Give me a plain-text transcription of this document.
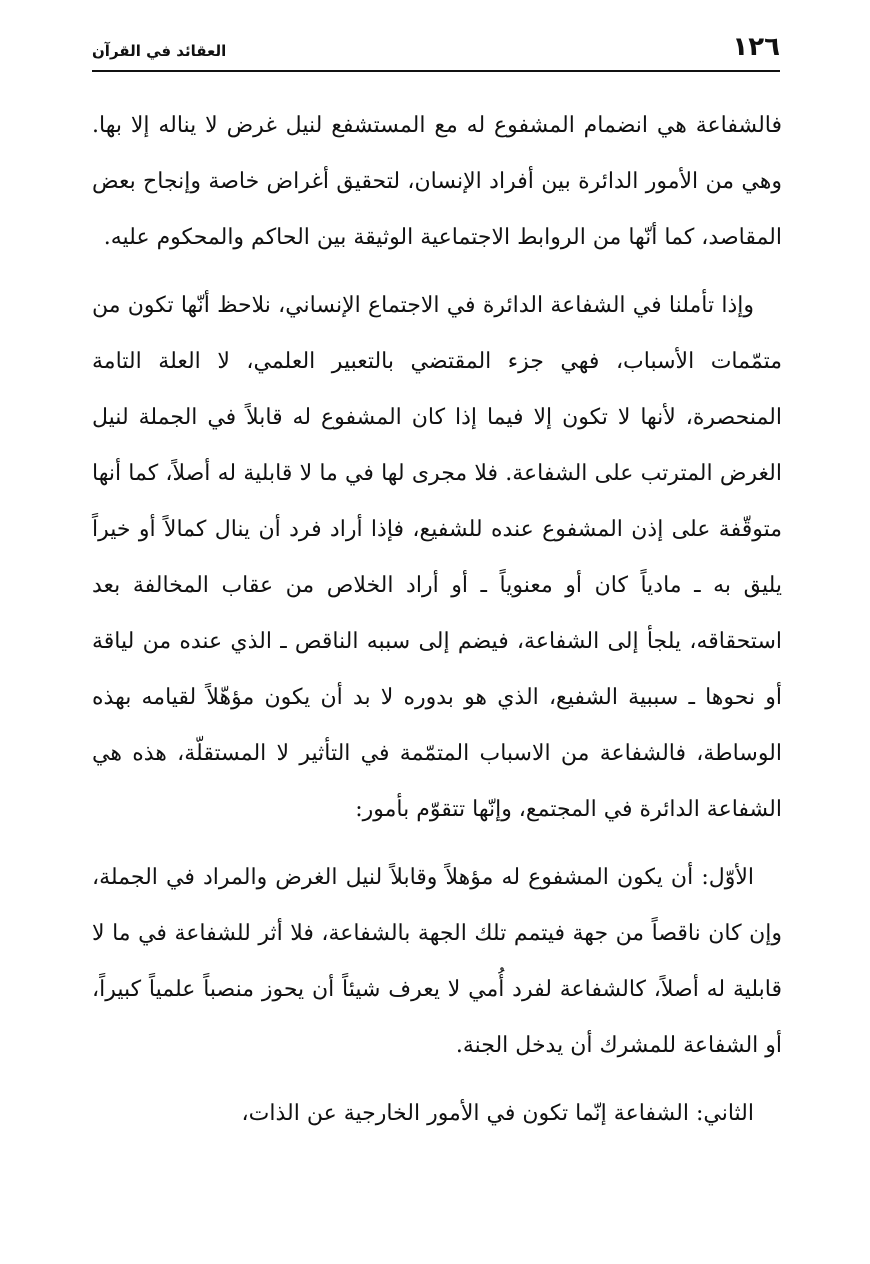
١٢٦
العقائد في القرآن

فالشفاعة هي انضمام المشفوع له مع المستشفع لنيل غرض لا يناله إلا بها. وهي من الأمور الدائرة بين أفراد الإنسان، لتحقيق أغراض خاصة وإنجاح بعض المقاصد، كما أنّها من الروابط الاجتماعية الوثيقة بين الحاكم والمحكوم عليه.

وإذا تأملنا في الشفاعة الدائرة في الاجتماع الإنساني، نلاحظ أنّها تكون من متمّمات الأسباب، فهي جزء المقتضي بالتعبير العلمي، لا العلة التامة المنحصرة، لأنها لا تكون إلا فيما إذا كان المشفوع له قابلاً في الجملة لنيل الغرض المترتب على الشفاعة. فلا مجرى لها في ما لا قابلية له أصلاً، كما أنها متوقّفة على إذن المشفوع عنده للشفيع، فإذا أراد فرد أن ينال كمالاً أو خيراً يليق به ـ مادياً كان أو معنوياً ـ أو أراد الخلاص من عقاب المخالفة بعد استحقاقه، يلجأ إلى الشفاعة، فيضم إلى سببه الناقص ـ الذي عنده من لياقة أو نحوها ـ سببية الشفيع، الذي هو بدوره لا بد أن يكون مؤهّلاً لقيامه بهذه الوساطة، فالشفاعة من الاسباب المتمّمة في التأثير لا المستقلّة، هذه هي الشفاعة الدائرة في المجتمع، وإنّها تتقوّم بأمور:

الأوّل: أن يكون المشفوع له مؤهلاً وقابلاً لنيل الغرض والمراد في الجملة، وإن كان ناقصاً من جهة فيتمم تلك الجهة بالشفاعة، فلا أثر للشفاعة في ما لا قابلية له أصلاً، كالشفاعة لفرد أُمي لا يعرف شيئاً أن يحوز منصباً علمياً كبيراً، أو الشفاعة للمشرك أن يدخل الجنة.

الثاني: الشفاعة إنّما تكون في الأمور الخارجية عن الذات،
